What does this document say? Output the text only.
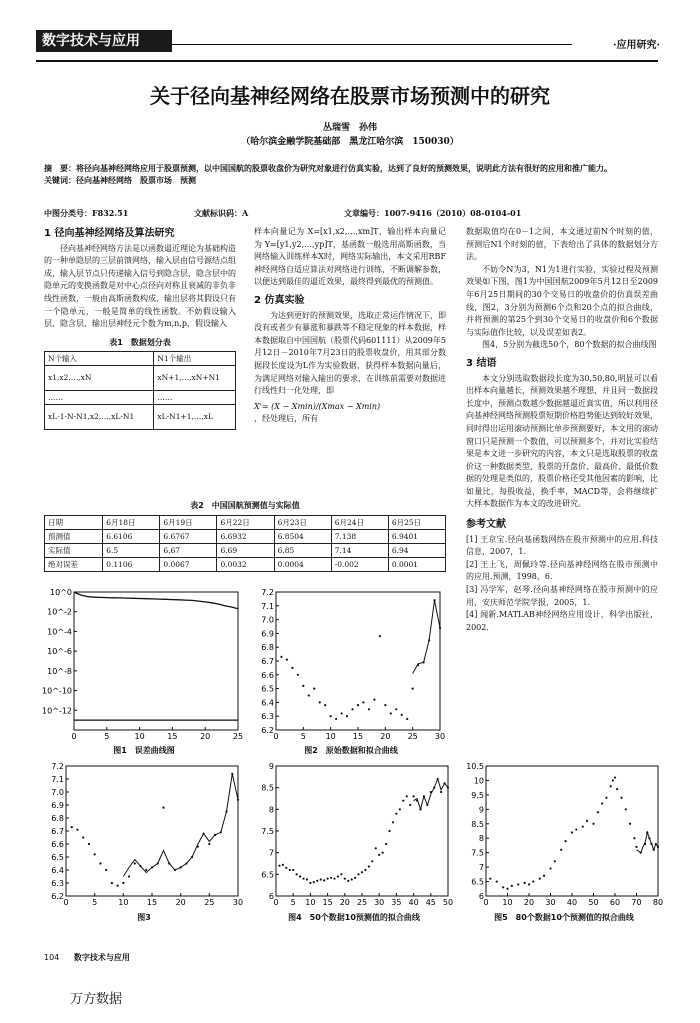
数字技术与应用	·应用研究·
关于径向基神经网络在股票市场预测中的研究
丛瑞雪　孙伟
（哈尔滨金融学院基础部　黑龙江哈尔滨　150030）
摘　要：将径向基神经网络应用于股票预测，以中国国航的股票收盘价为研究对象进行仿真实验，达到了良好的预测效果，说明此方法有很好的应用和推广能力。
关键词：径向基神经网络　股票市场　预测
中图分类号：F832.51	文献标识码：A	文章编号：1007-9416（2010）08-0104-01
1 径向基神经网络及算法研究
径向基神经网络方法是以函数逼近理论为基础构造的一种单隐层的三层前馈网络，输入层由信号源结点组成，输入层节点只传递输入信号到隐含层，隐含层中的隐单元的变换函数是对中心点径向对称且衰减的非负非线性函数，一般由高斯函数构成，输出层将其假设只有一个隐单元，一般是简单的线性函数。不妨假设输入层、隐含层、输出层神经元个数为m,n,p，假设输入
表1　数据划分表
N个输入	N1个输出
x1,x2,…,xN	xN+1,…,xN+N1
……	……
xL-1-N-N1,x2,…,xL-N1	xL-N1+1,…,xL
样本向量记为 X=[x1,x2,…,xm]T，输出样本向量记为 Y=[y1,y2,…,yp]T，基函数一般选用高斯函数，当网络输入训练样本X时，网络实际输出，本文采用RBF神经网络自适应算法对网络进行训练，不断调解参数，以便达到最佳的逼近效果，最终得到最优的预测值。
2 仿真实验
为达到更好的预测效果，选取正常运作情况下，即没有或者少有暴涨和暴跌等不稳定现象的样本数据，样本数据取自中国国航（股票代码601111）从2009年5月12日－2010年7月23日的股票收盘价，用其部分数据段长度设为L作为实验数据，获得样本数据向量后，为满足网络对输入输出的要求，在训练前需要对数据进行线性归一化处理，即
X'= (X − Xmin)/(Xmax − Xmin)
，经处理后，所有
数据取值均在0－1之间，本文通过前N个时刻的值，预测后N1个时刻的值，下表给出了具体的数据划分方法。
不妨令N为3，N1为1进行实验，实验过程及预测效果如下图，图1为中国国航2009年5月12日至2009年6月25日期间的30个交易日的收盘价的仿真误差曲线，图2，3分别为预测6个点和20个点的拟合曲线，并将预测的第25个到30个交易日的收盘价和6个数据与实际值作比较，以及误差如表2。
图4，5分别为截选50个，80个数据的拟合曲线图
3 结语
本文分别选取数据段长度为30,50,80,明显可以看出样本向量越长，预测效果越不理想，并且同一数据段长度中，预测点数越少数据越逼近真实值，所以利用径向基神经网络预测股票短期价格趋势能达到较好效果，同时得出运用滚动预测比单步预测要好，本文用的滚动窗口只是预测一个数值，可以预测多个，并对比实验结果是本文进一步研究的内容，本文只是选取股票的收盘价这一种数据类型，股票的开盘价、最高价、最低价数据的处理是类似的，股票价格还受其他因素的影响，比如量比，每股收益，换手率，MACD等，会将继续扩大样本数据作为本文的改进研究。
参考文献
[1] 王京宝.径向基函数网络在股市预测中的应用.科技信息，2007，1.
[2] 王上飞，周佩玲等.径向基神经网络在股市预测中的应用.预测，1998，6.
[3] 冯学军，赵琴.径向基神经网络在股市预测中的应用，安庆师范学院学报，2005，1.
[4] 闻新.MATLAB神经网络应用设计，科学出版社，2002.
表2　中国国航预测值与实际值
日期	6月18日	6月19日	6月22日	6月23日	6月24日	6月25日
预测值	6.6106	6.6767	6.6932	6.8504	7.138	6.9401
实际值	6.5	6.67	6.69	6.85	7.14	6.94
绝对误差	0.1106	0.0067	0.0032	0.0004	-0.002	0.0001
0	5	10	15	20	25
10^0
10^-2
10^-4
10^-6
10^-8
10^-10
10^-12
图1　误差曲线图
0	5 10 15 20 25 30
6.2
6.3
6.4
6.5
6.6
6.7
6.8
6.9
7.0
7.1
7.2
图2　原始数据和拟合曲线
0	5	10 15 20 25 30
6.2
6.3
6.4
6.5
6.6
6.7
6.8
6.9
7.0
7.1
7.2
图3
0 5 10 15 20 25 30 35 40 45 50
6
6.5
7
7.5
8
8.5
9
图4　50个数据10预测值的拟合曲线
0 10 20 30 40 50 60 70 80
6
6.5
7
7.5
8
8.5
9
9.5
10
10.5
图5　80个数据10个预测值的拟合曲线
104 数字技术与应用
万方数据
